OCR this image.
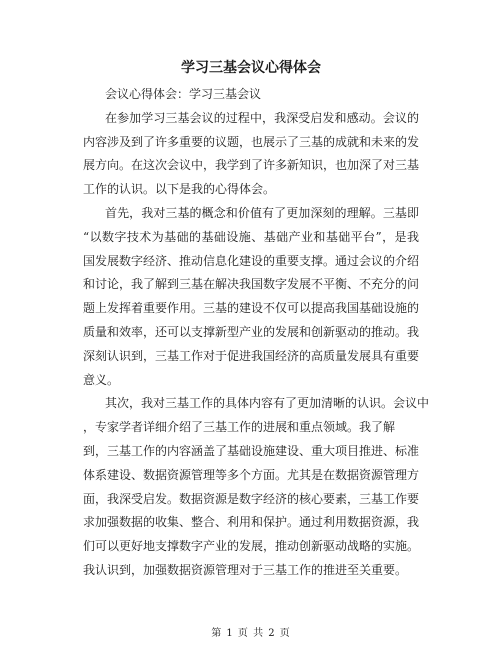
学习三基会议心得体会
会议心得体会：学习三基会议
在参加学习三基会议的过程中，我深受启发和感动。会议的
内容涉及到了许多重要的议题，也展示了三基的成就和未来的发
展方向。在这次会议中，我学到了许多新知识，也加深了对三基
工作的认识。以下是我的心得体会。
首先，我对三基的概念和价值有了更加深刻的理解。三基即
“以数字技术为基础的基础设施、基础产业和基础平台”，是我
国发展数字经济、推动信息化建设的重要支撑。通过会议的介绍
和讨论，我了解到三基在解决我国数字发展不平衡、不充分的问
题上发挥着重要作用。三基的建设不仅可以提高我国基础设施的
质量和效率，还可以支撑新型产业的发展和创新驱动的推动。我
深刻认识到，三基工作对于促进我国经济的高质量发展具有重要
意义。
其次，我对三基工作的具体内容有了更加清晰的认识。会议中
，专家学者详细介绍了三基工作的进展和重点领域。我了解
到，三基工作的内容涵盖了基础设施建设、重大项目推进、标准
体系建设、数据资源管理等多个方面。尤其是在数据资源管理方
面，我深受启发。数据资源是数字经济的核心要素，三基工作要
求加强数据的收集、整合、利用和保护。通过利用数据资源，我
们可以更好地支撑数字产业的发展，推动创新驱动战略的实施。
我认识到，加强数据资源管理对于三基工作的推进至关重要。
第 1 页 共 2 页
